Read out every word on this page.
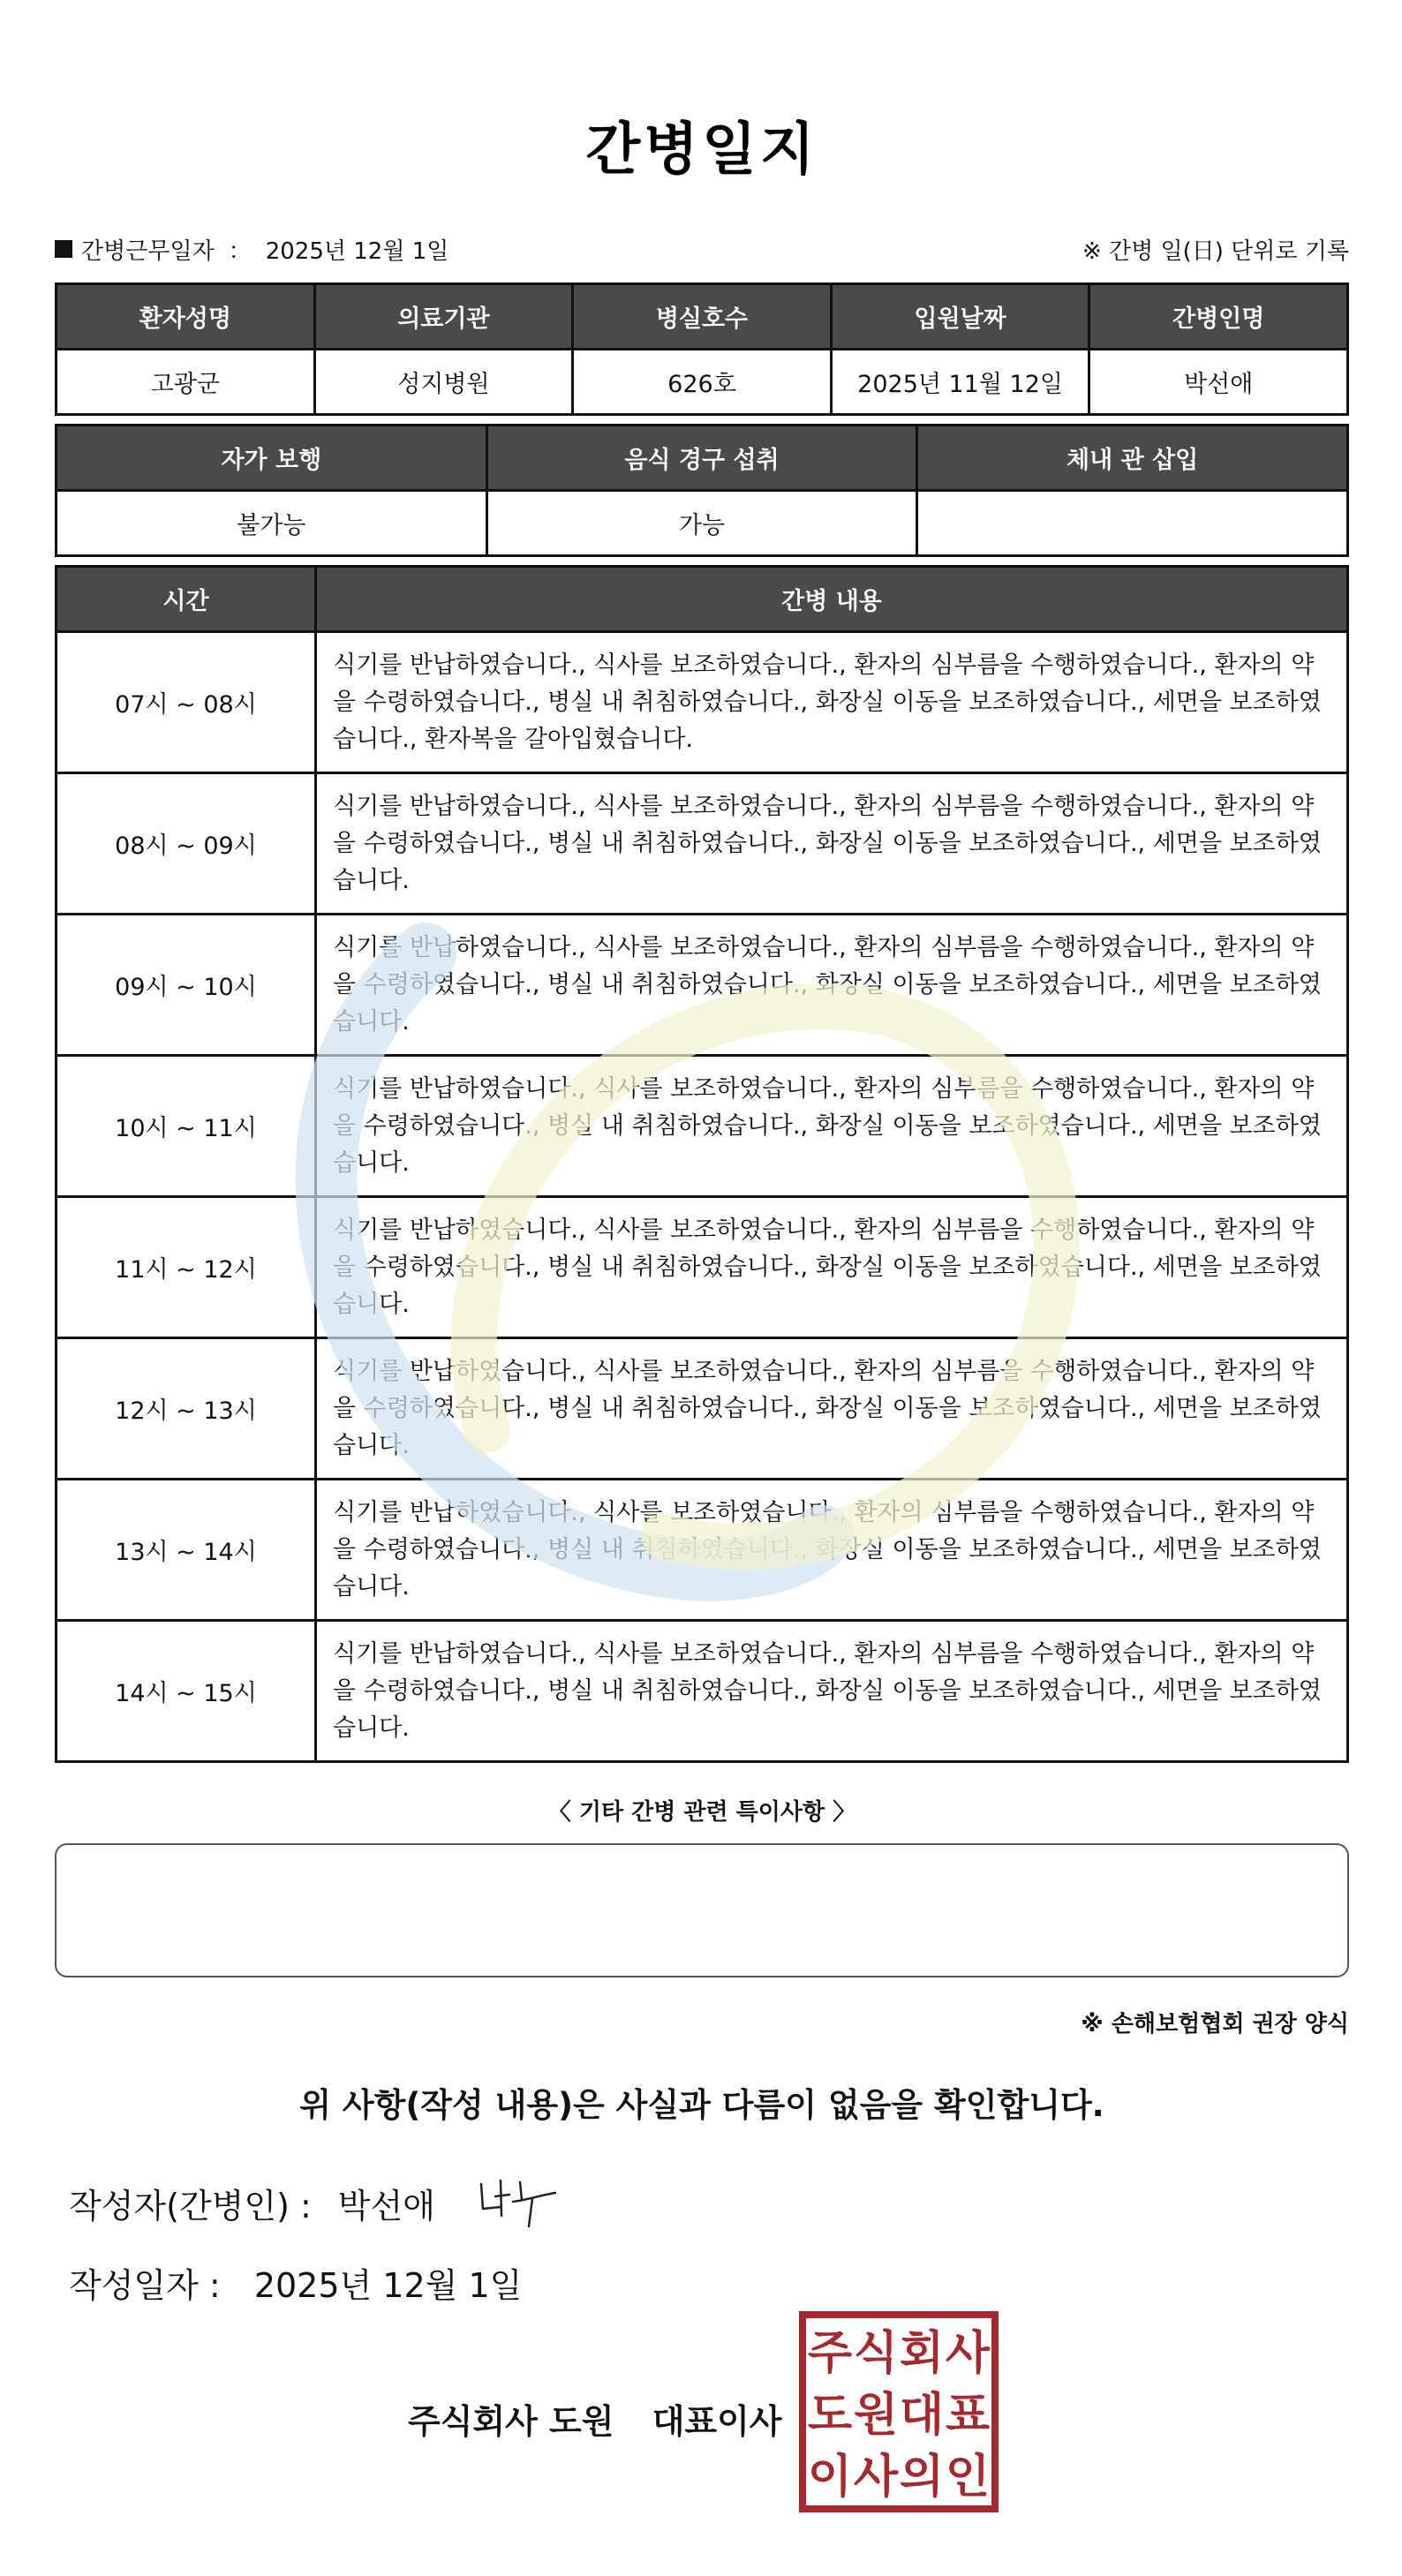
간병일지
간병근무일자 ： 2025년 12월 1일	※ 간병 일(日) 단위로 기록
환자성명	의료기관	병실호수	입원날짜	간병인명
고광군	성지병원	626호	2025년 11월 12일	박선애
자가 보행	음식 경구 섭취	체내 관 삽입
불가능	가능	
시간	간병 내용
07시 ~ 08시	식기를 반납하였습니다., 식사를 보조하였습니다., 환자의 심부름을 수행하였습니다., 환자의 약을 수령하였습니다., 병실 내 취침하였습니다., 화장실 이동을 보조하였습니다., 세면을 보조하였습니다., 환자복을 갈아입혔습니다.
08시 ~ 09시	식기를 반납하였습니다., 식사를 보조하였습니다., 환자의 심부름을 수행하였습니다., 환자의 약을 수령하였습니다., 병실 내 취침하였습니다., 화장실 이동을 보조하였습니다., 세면을 보조하였습니다.
09시 ~ 10시	식기를 반납하였습니다., 식사를 보조하였습니다., 환자의 심부름을 수행하였습니다., 환자의 약을 수령하였습니다., 병실 내 취침하였습니다., 화장실 이동을 보조하였습니다., 세면을 보조하였습니다.
10시 ~ 11시	식기를 반납하였습니다., 식사를 보조하였습니다., 환자의 심부름을 수행하였습니다., 환자의 약을 수령하였습니다., 병실 내 취침하였습니다., 화장실 이동을 보조하였습니다., 세면을 보조하였습니다.
11시 ~ 12시	식기를 반납하였습니다., 식사를 보조하였습니다., 환자의 심부름을 수행하였습니다., 환자의 약을 수령하였습니다., 병실 내 취침하였습니다., 화장실 이동을 보조하였습니다., 세면을 보조하였습니다.
12시 ~ 13시	식기를 반납하였습니다., 식사를 보조하였습니다., 환자의 심부름을 수행하였습니다., 환자의 약을 수령하였습니다., 병실 내 취침하였습니다., 화장실 이동을 보조하였습니다., 세면을 보조하였습니다.
13시 ~ 14시	식기를 반납하였습니다., 식사를 보조하였습니다., 환자의 심부름을 수행하였습니다., 환자의 약을 수령하였습니다., 병실 내 취침하였습니다., 화장실 이동을 보조하였습니다., 세면을 보조하였습니다.
14시 ~ 15시	식기를 반납하였습니다., 식사를 보조하였습니다., 환자의 심부름을 수행하였습니다., 환자의 약을 수령하였습니다., 병실 내 취침하였습니다., 화장실 이동을 보조하였습니다., 세면을 보조하였습니다.
〈 기타 간병 관련 특이사항 〉
※ 손해보험협회 권장 양식
위 사항(작성 내용)은 사실과 다름이 없음을 확인합니다.
작성자(간병인) : 박선애
작성일자 : 2025년 12월 1일
주식회사 도원 대표이사
주 식 회 사
도 원 대 표
이 사 의 인
